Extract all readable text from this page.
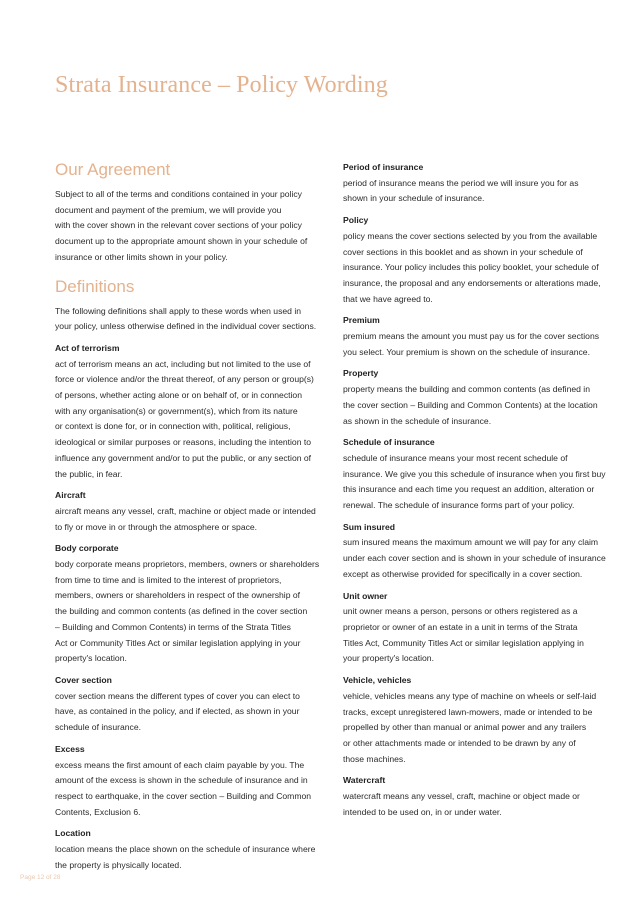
Strata Insurance – Policy Wording
Our Agreement

Subject to all of the terms and conditions contained in your policy

document and payment of the premium, we will provide you

with the cover shown in the relevant cover sections of your policy

document up to the appropriate amount shown in your schedule of

insurance or other limits shown in your policy.

Definitions

The following definitions shall apply to these words when used in

your policy, unless otherwise defined in the individual cover sections.

Act of terrorism

act of terrorism means an act, including but not limited to the use of

force or violence and/or the threat thereof, of any person or group(s)

of persons, whether acting alone or on behalf of, or in connection

with any organisation(s) or government(s), which from its nature

or context is done for, or in connection with, political, religious,

ideological or similar purposes or reasons, including the intention to

influence any government and/or to put the public, or any section of

the public, in fear.

Aircraft

aircraft means any vessel, craft, machine or object made or intended

to fly or move in or through the atmosphere or space.

Body corporate

body corporate means proprietors, members, owners or shareholders

from time to time and is limited to the interest of proprietors,

members, owners or shareholders in respect of the ownership of

the building and common contents (as defined in the cover section

– Building and Common Contents) in terms of the Strata Titles

Act or Community Titles Act or similar legislation applying in your

property's location.

Cover section

cover section means the different types of cover you can elect to

have, as contained in the policy, and if elected, as shown in your

schedule of insurance.

Excess

excess means the first amount of each claim payable by you. The

amount of the excess is shown in the schedule of insurance and in

respect to earthquake, in the cover section – Building and Common

Contents, Exclusion 6.

Location

location means the place shown on the schedule of insurance where

the property is physically located.

Period of insurance

period of insurance means the period we will insure you for as

shown in your schedule of insurance.

Policy

policy means the cover sections selected by you from the available

cover sections in this booklet and as shown in your schedule of

insurance. Your policy includes this policy booklet, your schedule of

insurance, the proposal and any endorsements or alterations made,

that we have agreed to.

Premium

premium means the amount you must pay us for the cover sections

you select. Your premium is shown on the schedule of insurance.

Property

property means the building and common contents (as defined in

the cover section – Building and Common Contents) at the location

as shown in the schedule of insurance.

Schedule of insurance

schedule of insurance means your most recent schedule of

insurance. We give you this schedule of insurance when you first buy

this insurance and each time you request an addition, alteration or

renewal. The schedule of insurance forms part of your policy.

Sum insured

sum insured means the maximum amount we will pay for any claim

under each cover section and is shown in your schedule of insurance

except as otherwise provided for specifically in a cover section.

Unit owner

unit owner means a person, persons or others registered as a

proprietor or owner of an estate in a unit in terms of the Strata

Titles Act, Community Titles Act or similar legislation applying in

your property's location.

Vehicle, vehicles

vehicle, vehicles means any type of machine on wheels or self-laid

tracks, except unregistered lawn-mowers, made or intended to be

propelled by other than manual or animal power and any trailers

or other attachments made or intended to be drawn by any of

those machines.

Watercraft

watercraft means any vessel, craft, machine or object made or

intended to be used on, in or under water.

Page 12 of 28
